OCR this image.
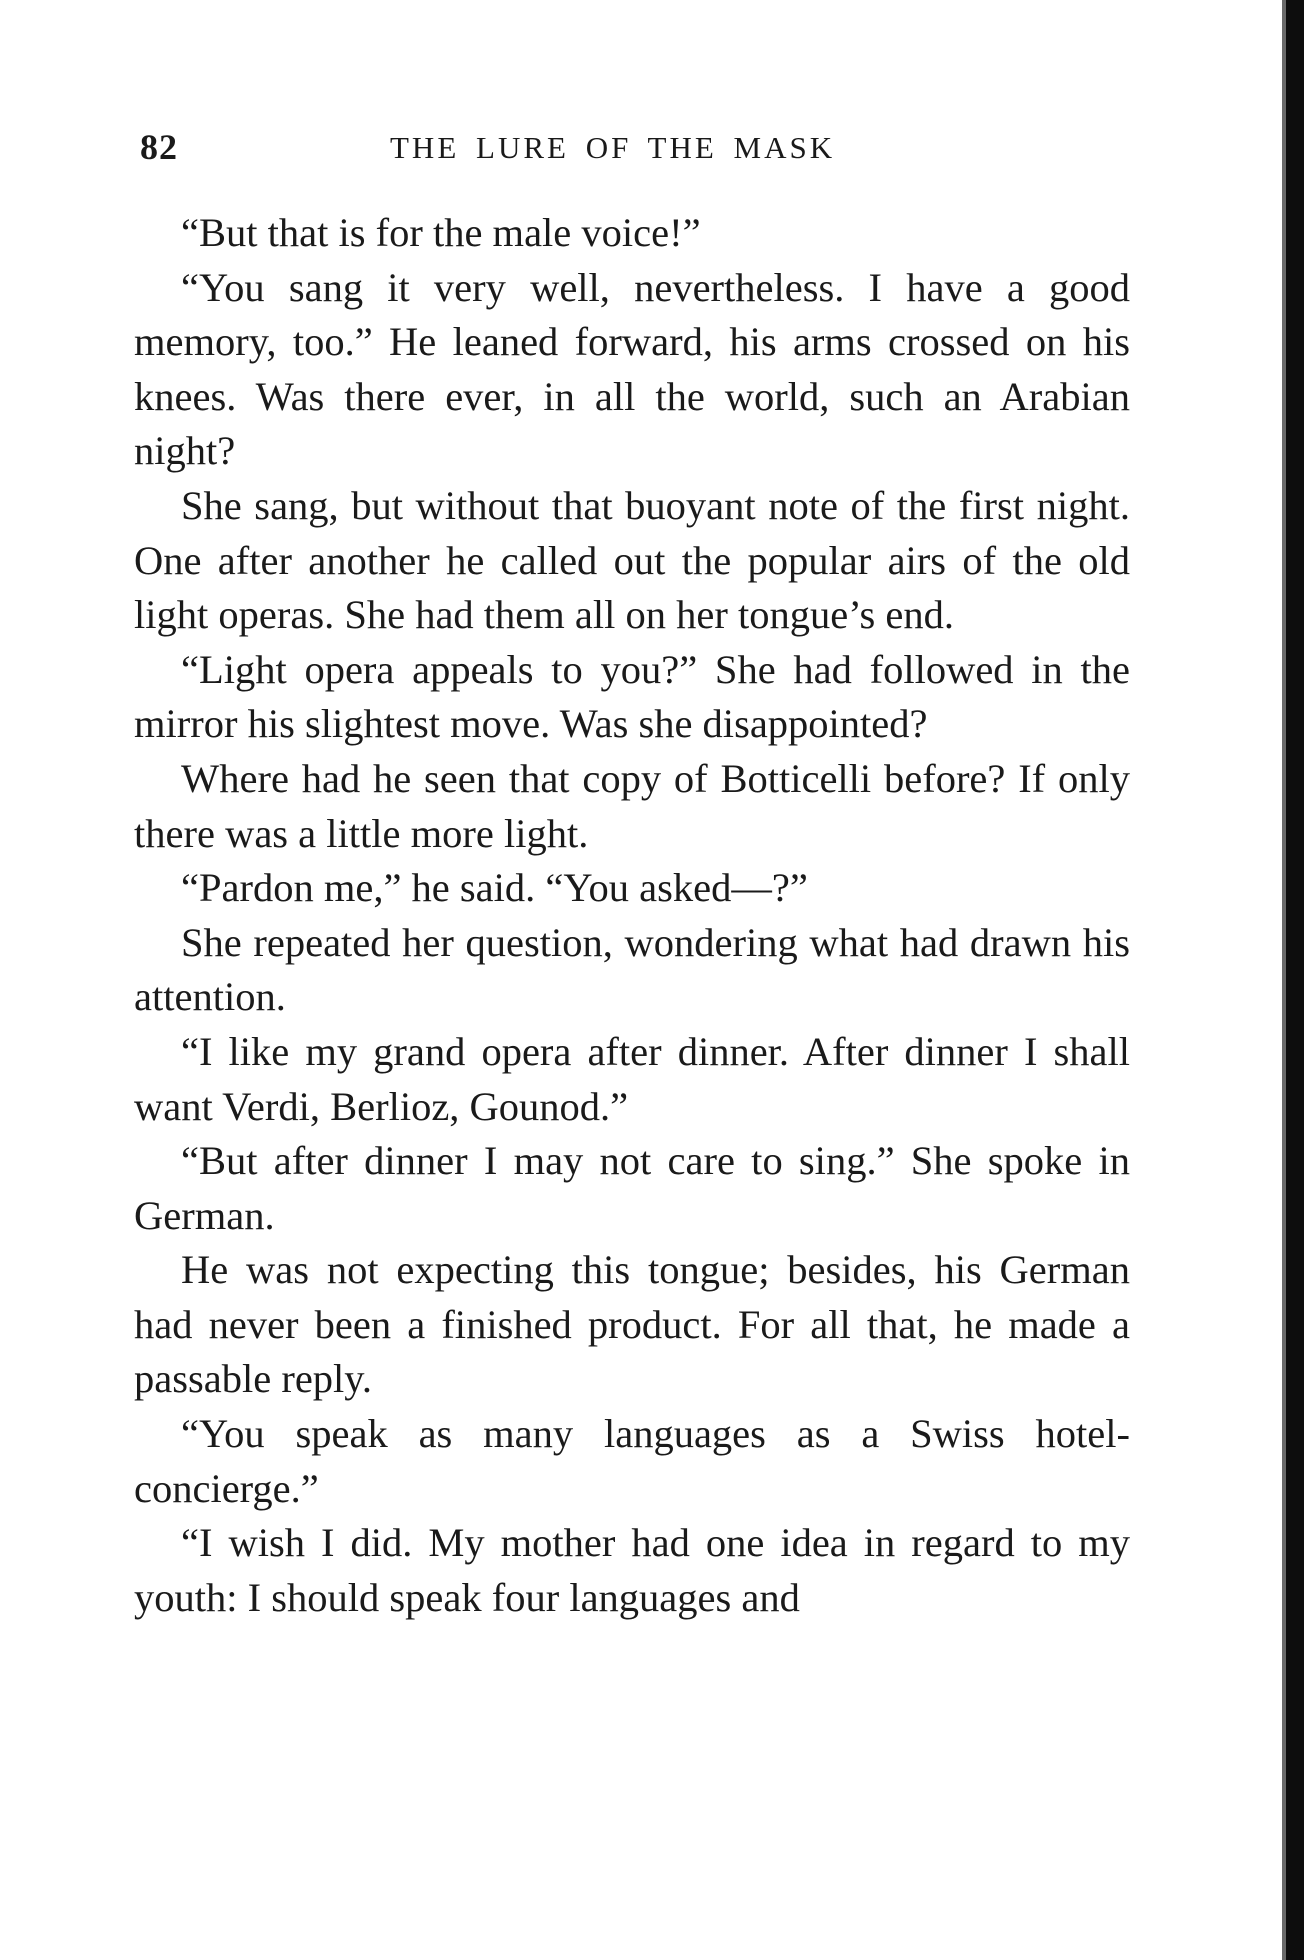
82	THE LURE OF THE MASK

“But that is for the male voice!”

“You sang it very well, nevertheless. I have a good memory, too.” He leaned forward, his arms crossed on his knees. Was there ever, in all the world, such an Arabian night?

She sang, but without that buoyant note of the first night. One after another he called out the popular airs of the old light operas. She had them all on her tongue’s end.

“Light opera appeals to you?” She had followed in the mirror his slightest move. Was she disappointed?

Where had he seen that copy of Botticelli before? If only there was a little more light.

“Pardon me,” he said. “You asked—?”

She repeated her question, wondering what had drawn his attention.

“I like my grand opera after dinner. After dinner I shall want Verdi, Berlioz, Gounod.”

“But after dinner I may not care to sing.” She spoke in German.

He was not expecting this tongue; besides, his German had never been a finished product. For all that, he made a passable reply.

“You speak as many languages as a Swiss hotel-concierge.”

“I wish I did. My mother had one idea in regard to my youth: I should speak four languages and
